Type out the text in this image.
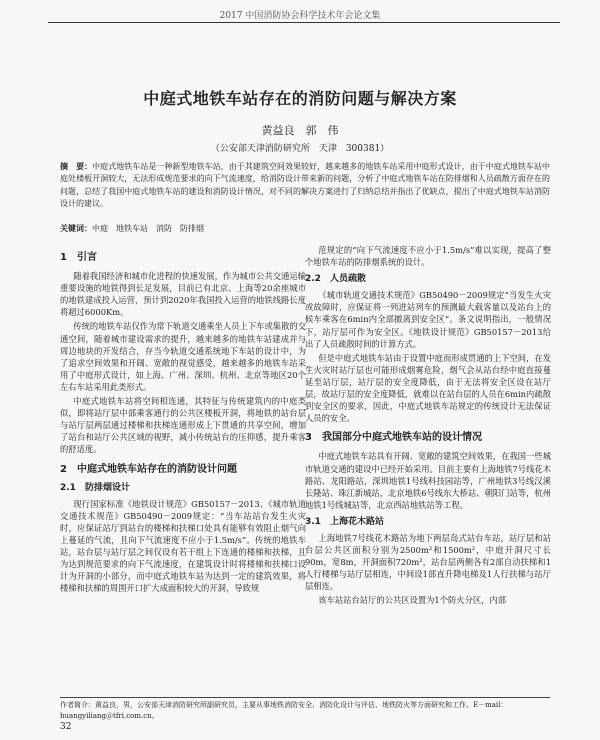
2017 中国消防协会科学技术年会论文集
中庭式地铁车站存在的消防问题与解决方案
黄益良　郭　伟
（公安部天津消防研究所　天津　300381）
摘　要：中庭式地铁车站是一种新型地铁车站，由于其建筑空间效果较好，越来越多的地铁车站采用中庭形式设计，由于中庭式地铁车站中庭处楼板开洞较大，无法形成规范要求的向下气流速度，给消防设计带来新的问题，分析了中庭式地铁车站在防排烟和人员疏散方面存在的问题，总结了我国中庭式地铁车站的建设和消防设计情况，对不同的解决方案进行了归纳总结并指出了优缺点，提出了中庭式地铁车站消防设计的建议。
关键词：中庭　地铁车站　消防　防排烟
1　引言

随着我国经济和城市化进程的快速发展，作为城市公共交通运输重要设施的地铁得到长足发展，目前已有北京、上海等20余座城市的地铁建成投入运营，预计到2020年我国投入运营的地铁线路长度将超过6000Km。

传统的地铁车站仅作为常下轨道交通乘坐人员上下车或集散的交通空间，随着城市建设需求的提升，越来越多的地铁车站建成并与周边地块的开发结合，存当今轨道交通系统地下车站的设计中，为了追求空间效果和开阔、宽敞的视觉感受，越来越多的地铁车站采用了中庭形式设计，如上海、广州、深圳、杭州、北京等地区20个左右车站采用此类形式。

中庭式地铁车站将空间相连通，其特征与传统建筑内的中庭类似，即将站厅层中部乘客通行的公共区楼板开洞，将地铁的站台层与站厅层两层通过楼梯和扶梯连通形成上下贯通的共享空间，增加了站台和站厅公共区域的视野，减小传统站台的压抑感，提升乘客的舒适度。

2　中庭式地铁车站存在的消防设计问题
2.1　防排烟设计

现行国家标准《地铁设计规范》GB50157－2013、《城市轨道交通技术规范》GB50490－2009规定：“当车站站台发生火灾时，应保证站厅到站台的楼梯和扶梯口处具有能够有效阻止烟气向上蔓延的气流，且向下气流速度不应小于1.5m/s”。传统的地铁车站，站台层与站厅层之间仅设有若干组上下连通的楼梯和扶梯，且为达到规范要求的向下气流速度，在建筑设计时将楼梯和扶梯口设计为开洞的小部分，而中庭式地铁车站为达到一定的建筑效果，将楼梯和扶梯的周围开口扩大成面积较大的开洞，导致规

范规定的“向下气流速度不应小于1.5m/s”难以实现，提高了整个地铁车站的防排烟系统的设计。

2.2　人员疏散

《城市轨道交通技术规范》GB50490－2009规定“当发生火灾或故障时，应保证将一列进站列车的预测最大载客量以及站台上的候车乘客在6min内全部撤离到安全区”。条文说明指出，一般情况下，站厅层可作为安全区。《地铁设计规范》GB50157－2013给出了人员疏散时间的计算方式。

但是中庭式地铁车站由于设置中庭而形成贯通的上下空间，在发生火灾时站厅层也可能形成烟雾危险，烟气会从站台经中庭直接蔓延至站厅层，站厅层的安全度降低，由于无法将安全区设在站厅层，故站厅层的安全度降低，就难以在站台层的人员在6min内疏散到安全区的要求，因此，中庭式地铁车站规定的传统设计无法保证人员的安全。

3　我国部分中庭式地铁车站的设计情况

中庭式地铁车站具有开阔、宽敞的建筑空间效果，在我国一些城市轨道交通的建设中已经开始采用。目前主要有上海地铁7号线花木路站、龙阳路站，深圳地铁1号线科技园站等，广州地铁3号线汉溪长隆站、珠江新城站，北京地铁6号线东大桥站、朝阳门站等，杭州地铁1号线城站等，北京西站地铁站等工程。

3.1　上海花木路站

上海地铁7号线花木路站为地下两层岛式站台车站，站厅层和站台层公共区面积分别为2500m²和1500m²，中庭开洞尺寸长90m，宽8m，开洞面积720m²，站台层两侧各有2部自动扶梯和1人行楼梯与站厅层相连，中间设1部直升降电梯及1人行扶梯与站厅层相连。

该车站站台站厅的公共区设置为1个防火分区，内部

作者简介：黄益良，男，公安部天津消防研究所副研究员，主要从事地铁消防安全、消防化设计与评估、地铁防火等方面研究和工作。E－mail：huangyiliang＠tfri.com.cn。
32
